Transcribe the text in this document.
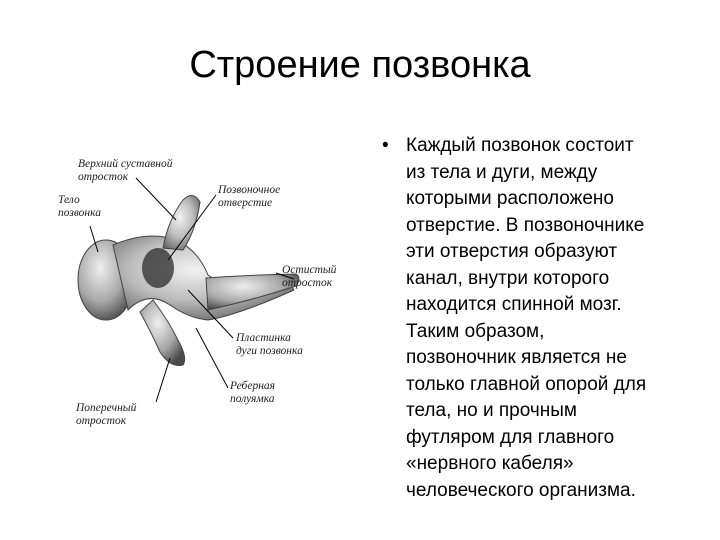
Строение позвонка
Верхний суставной
отросток
Тело
позвонка
Позвоночное
отверстие
Остистый
отросток
Пластинка
дуги позвонка
Реберная
полуямка
Поперечный
отросток
• Каждый позвонок состоит
из тела и дуги, между
которыми расположено
отверстие. В позвоночнике
эти отверстия образуют
канал, внутри которого
находится спинной мозг.
Таким образом,
позвоночник является не
только главной опорой для
тела, но и прочным
футляром для главного
«нервного кабеля»
человеческого организма.
